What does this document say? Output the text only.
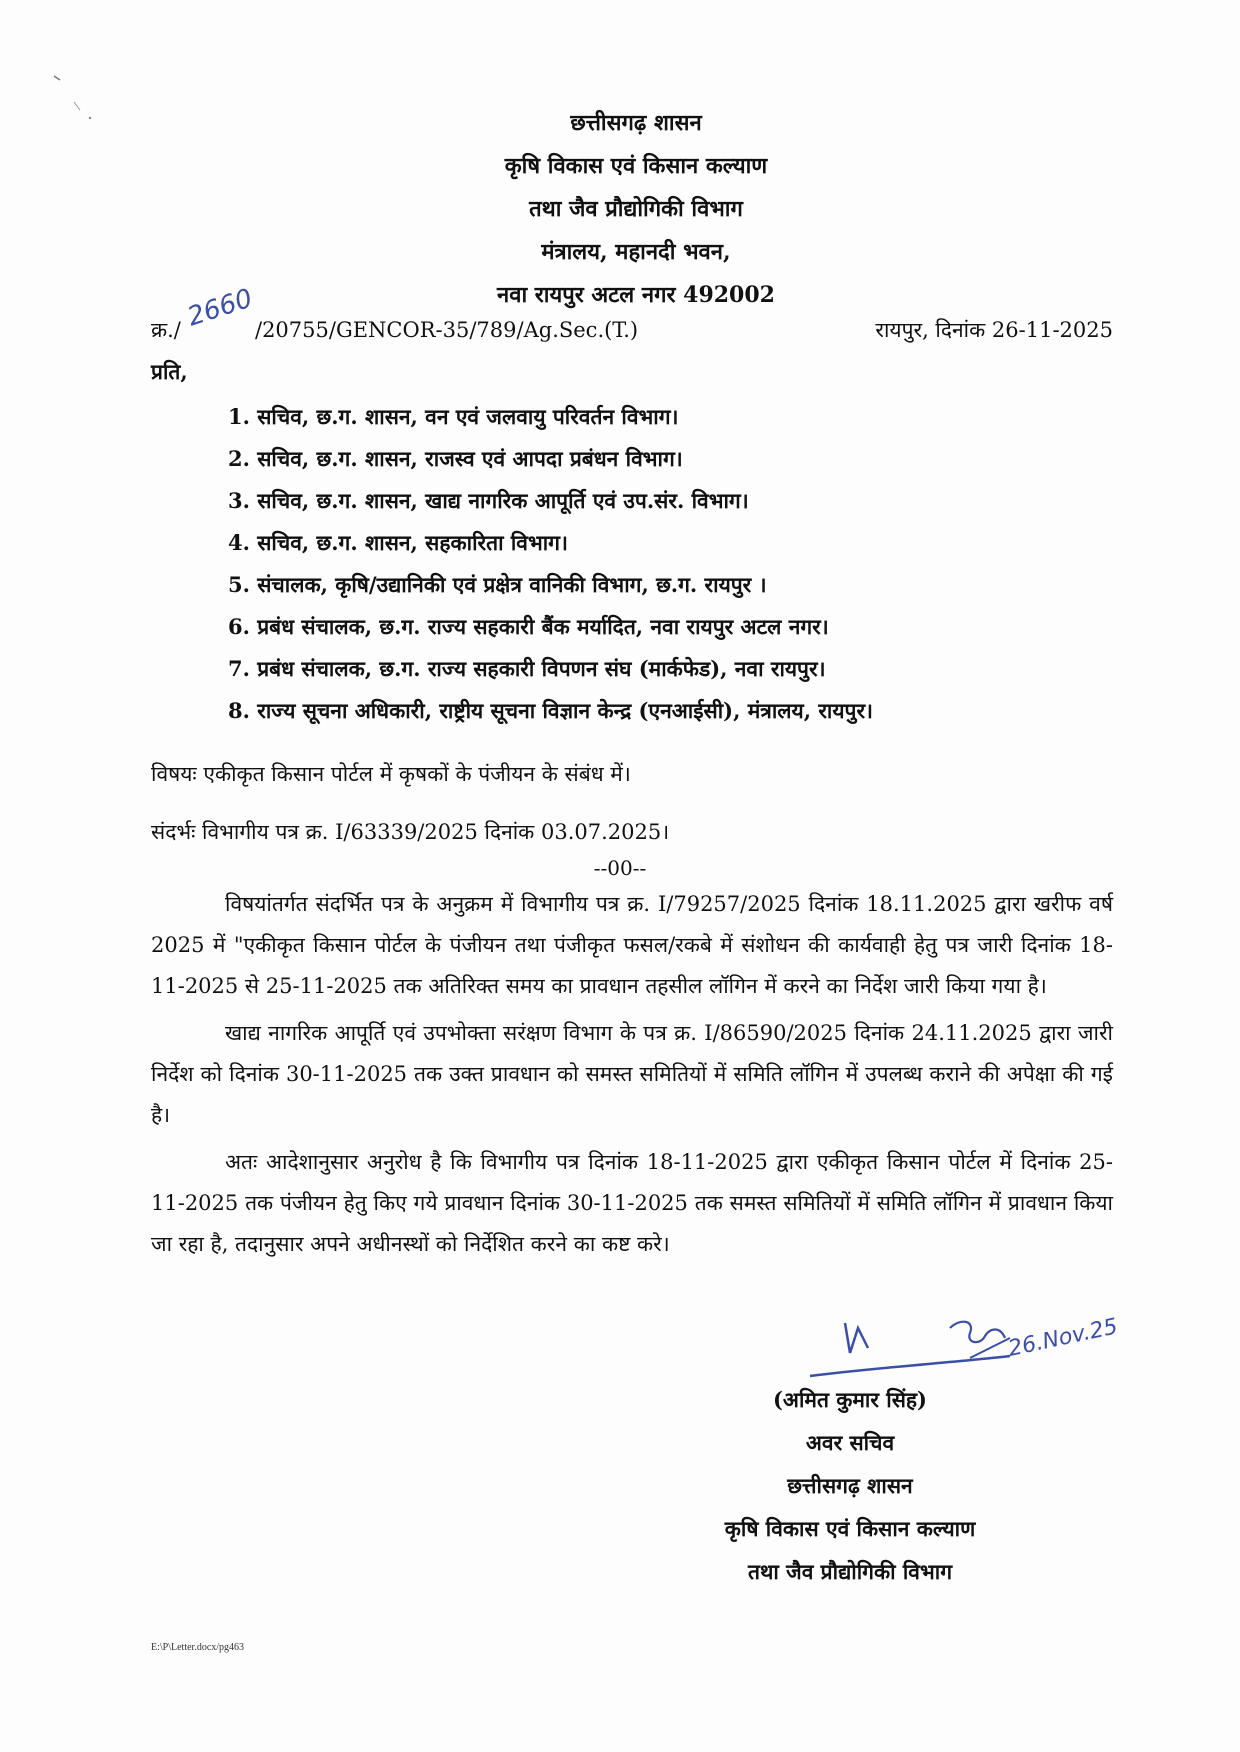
छत्तीसगढ़ शासन
कृषि विकास एवं किसान कल्याण
तथा जैव प्रौद्योगिकी विभाग
मंत्रालय, महानदी भवन,
नवा रायपुर अटल नगर 492002
क्र./ 2660
/20755/GENCOR-35/789/Ag.Sec.(T.)	रायपुर, दिनांक 26-11-2025
प्रति,
1. सचिव, छ.ग. शासन, वन एवं जलवायु परिवर्तन विभाग।
2. सचिव, छ.ग. शासन, राजस्व एवं आपदा प्रबंधन विभाग।
3. सचिव, छ.ग. शासन, खाद्य नागरिक आपूर्ति एवं उप.संर. विभाग।
4. सचिव, छ.ग. शासन, सहकारिता विभाग।
5. संचालक, कृषि/उद्यानिकी एवं प्रक्षेत्र वानिकी विभाग, छ.ग. रायपुर ।
6. प्रबंध संचालक, छ.ग. राज्य सहकारी बैंक मर्यादित, नवा रायपुर अटल नगर।
7. प्रबंध संचालक, छ.ग. राज्य सहकारी विपणन संघ (मार्कफेड), नवा रायपुर।
8. राज्य सूचना अधिकारी, राष्ट्रीय सूचना विज्ञान केन्द्र (एनआईसी), मंत्रालय, रायपुर।
विषयः एकीकृत किसान पोर्टल में कृषकों के पंजीयन के संबंध में।
संदर्भः विभागीय पत्र क्र. I/63339/2025 दिनांक 03.07.2025।
--00--

विषयांतर्गत संदर्भित पत्र के अनुक्रम में विभागीय पत्र क्र. I/79257/2025 दिनांक 18.11.2025 द्वारा खरीफ वर्ष 2025 में "एकीकृत किसान पोर्टल के पंजीयन तथा पंजीकृत फसल/रकबे में संशोधन की कार्यवाही हेतु पत्र जारी दिनांक 18-11-2025 से 25-11-2025 तक अतिरिक्त समय का प्रावधान तहसील लॉगिन में करने का निर्देश जारी किया गया है।

खाद्य नागरिक आपूर्ति एवं उपभोक्ता सरंक्षण विभाग के पत्र क्र. I/86590/2025 दिनांक 24.11.2025 द्वारा जारी निर्देश को दिनांक 30-11-2025 तक उक्त प्रावधान को समस्त समितियों में समिति लॉगिन में उपलब्ध कराने की अपेक्षा की गई है।

अतः आदेशानुसार अनुरोध है कि विभागीय पत्र दिनांक 18-11-2025 द्वारा एकीकृत किसान पोर्टल में दिनांक 25-11-2025 तक पंजीयन हेतु किए गये प्रावधान दिनांक 30-11-2025 तक समस्त समितियों में समिति लॉगिन में प्रावधान किया जा रहा है, तदानुसार अपने अधीनस्थों को निर्देशित करने का कष्ट करे।

26.Nov.25
(अमित कुमार सिंह)
अवर सचिव
छत्तीसगढ़ शासन
कृषि विकास एवं किसान कल्याण
तथा जैव प्रौद्योगिकी विभाग
E:\P\Letter.docx/pg463
